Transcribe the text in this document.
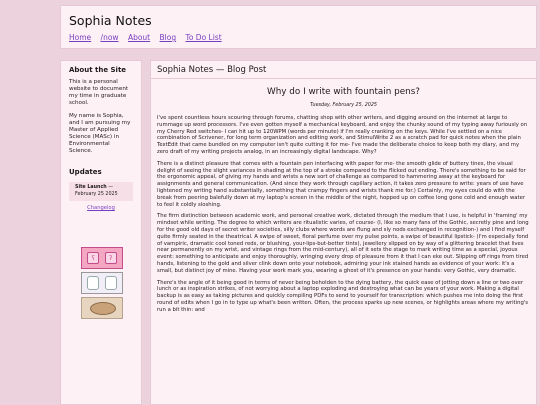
Sophia Notes
Home /now About Blog To Do List
About the Site

This is a personal website to document my time in graduate school.

My name is Sophia, and I am pursuing my Master of Applied Science (MASc) in Environmental Science.

Updates
Site Launch —
February 25 2025
Changelog
ʕ	ʔ
Sophia Notes — Blog Post
Why do I write with fountain pens?
Tuesday, February 25, 2025

I've spent countless hours scouring through forums, chatting shop with other writers, and digging around on the internet at large to rummage up word processors. I've even gotten myself a mechanical keyboard, and enjoy the chunky sound of my typing away furiously on my Cherry Red switches- I can hit up to 120WPM (words per minute) if I'm really cranking on the keys. While I've settled on a nice combination of Scrivener, for long term organization and editing work, and StimulWrite 2 as a scratch pad for quick notes when the plain TextEdit that came bundled on my computer isn't quite cutting it for me- I've made the deliberate choice to keep both my diary, and my zero draft of my writing projects analog, in an increasingly digital landscape. Why?

There is a distinct pleasure that comes with a fountain pen interfacing with paper for me- the smooth glide of buttery tines, the visual delight of seeing the slight variances in shading at the top of a stroke compared to the flicked out ending. There's something to be said for the ergonomic appeal, of giving my hands and wrists a new sort of challenge as compared to hammering away at the keyboard for assignments and general communication. (And since they work through capillary action, it takes zero pressure to write: years of use have lightened my writing hand substantially, something that crampy fingers and wrists thank me for.) Certainly, my eyes could do with the break from peering balefully down at my laptop's screen in the middle of the night, hopped up on coffee long gone cold and enough water to feel it coldly sloshing.

The firm distinction between academic work, and personal creative work, dictated through the medium that I use, is helpful in 'framing' my mindset while writing. The degree to which writers are ritualistic varies, of course- (I, like so many fans of the Gothic, secretly pine and long for the good old days of secret writer societies, silly clubs where words are flung and sly nods exchanged in recognition-) and I find myself quite firmly seated in the theatrical. A swipe of sweet, floral perfume over my pulse points, a swipe of beautiful lipstick- (I'm especially fond of vampiric, dramatic cool toned reds, or blushing, your-lips-but-better tints), jewellery slipped on by way of a glittering bracelet that lives near permanently on my wrist, and vintage rings from the mid-century), all of it sets the stage to mark writing time as a special, joyous event: something to anticipate and enjoy thoroughly, wringing every drop of pleasure from it that I can eke out. Slipping off rings from tired hands, listening to the gold and silver clink down onto your notebook, admiring your ink stained hands as evidence of your work: it's a small, but distinct joy of mine. Having your work mark you, wearing a ghost of it's presence on your hands: very Gothic, very dramatic.

There's the angle of it being good in terms of never being beholden to the dying battery, the quick ease of jotting down a line or two over lunch or as inspiration strikes, of not worrying about a laptop exploding and destroying what can be years of your work. Making a digital backup is as easy as taking pictures and quickly compiling PDFs to send to yourself for transcription: which pushes me into doing the first round of edits when I go in to type up what's been written. Often, the process sparks up new scenes, or highlights areas where my writing's run a bit thin: and
